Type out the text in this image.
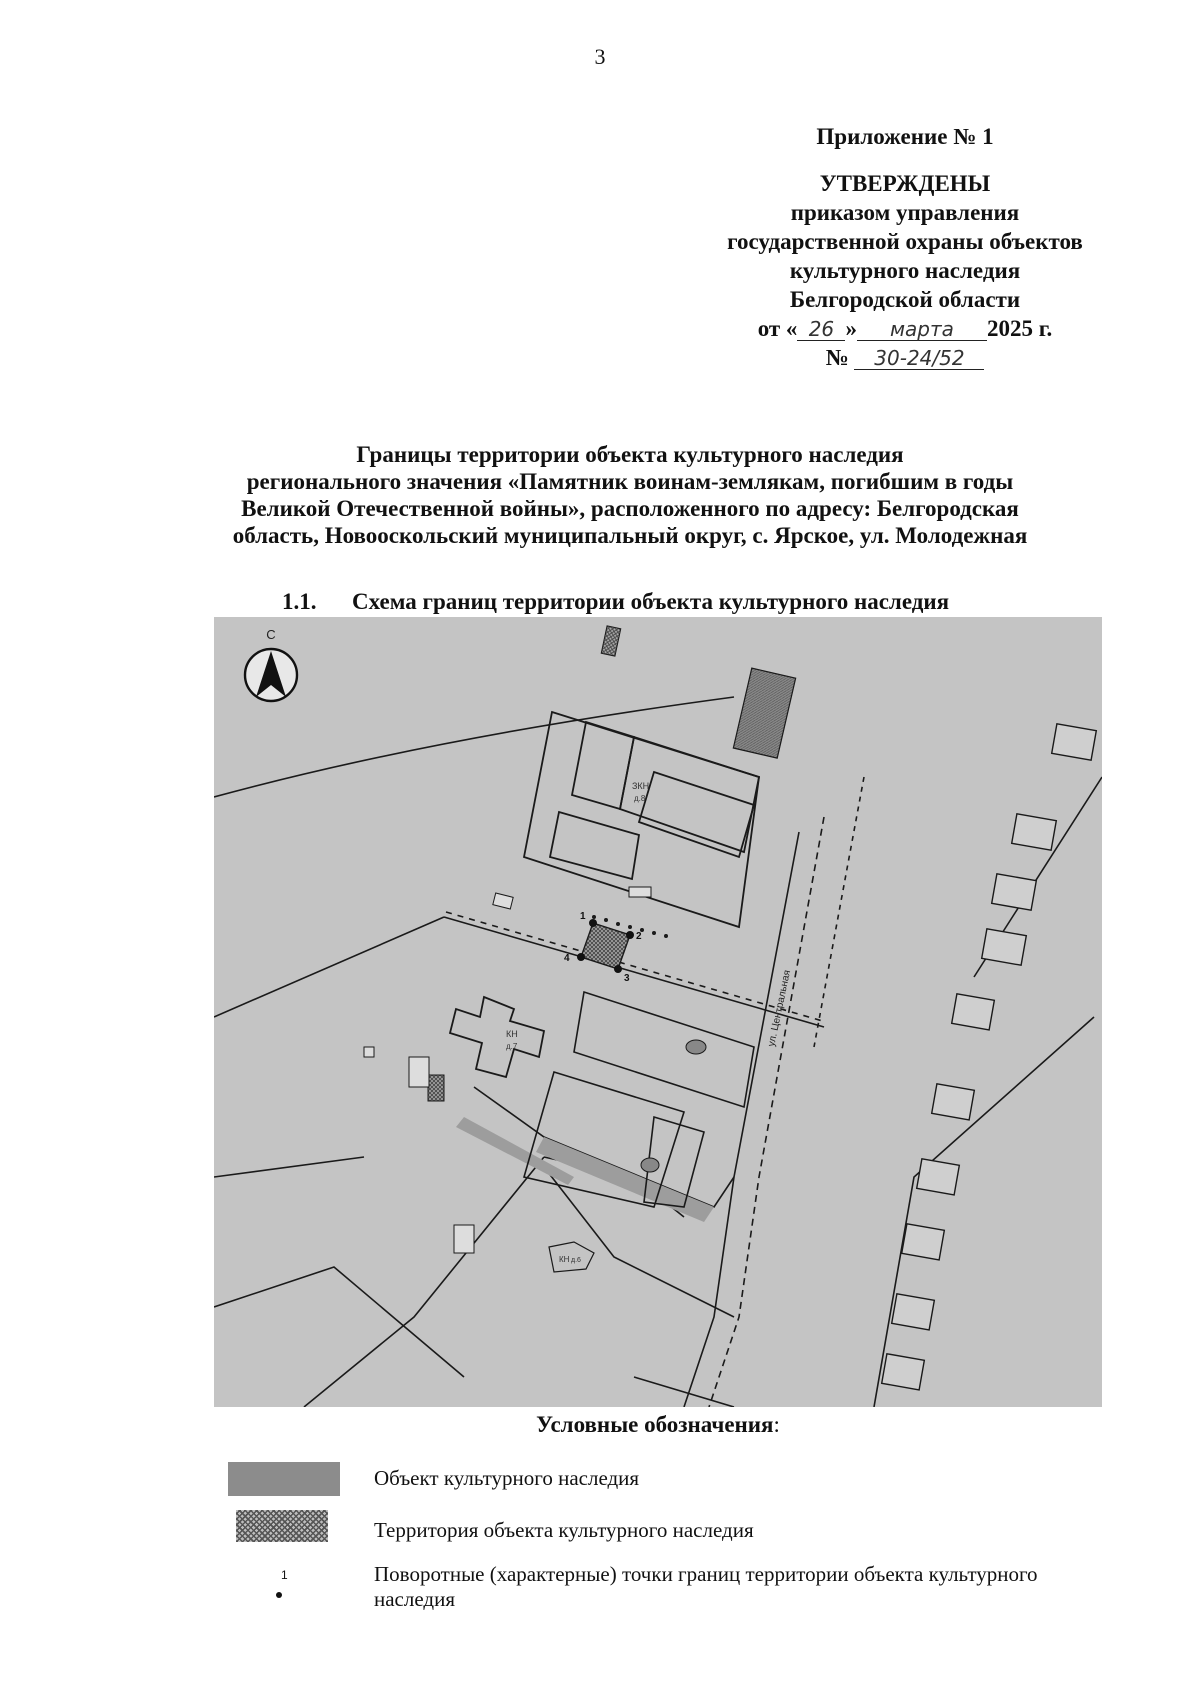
3
Приложение № 1
УТВЕРЖДЕНЫ
приказом управления
государственной охраны объектов
культурного наследия
Белгородской области
от « 26 » марта 2025 г.
№ 30-24/52
Границы территории объекта культурного наследия
регионального значения «Памятник воинам-землякам, погибшим в годы
Великой Отечественной войны», расположенного по адресу: Белгородская
область, Новооскольский муниципальный округ, с. Ярское, ул. Молодежная
1.1. Схема границ территории объекта культурного наследия
ЗКН
д.8
КН
д.7
1
2
3
4
КН д.6
ул. Центральная
С
Условные обозначения:
Объект культурного наследия
Территория объекта культурного наследия
1	Поворотные (характерные) точки границ территории объекта культурного наследия
